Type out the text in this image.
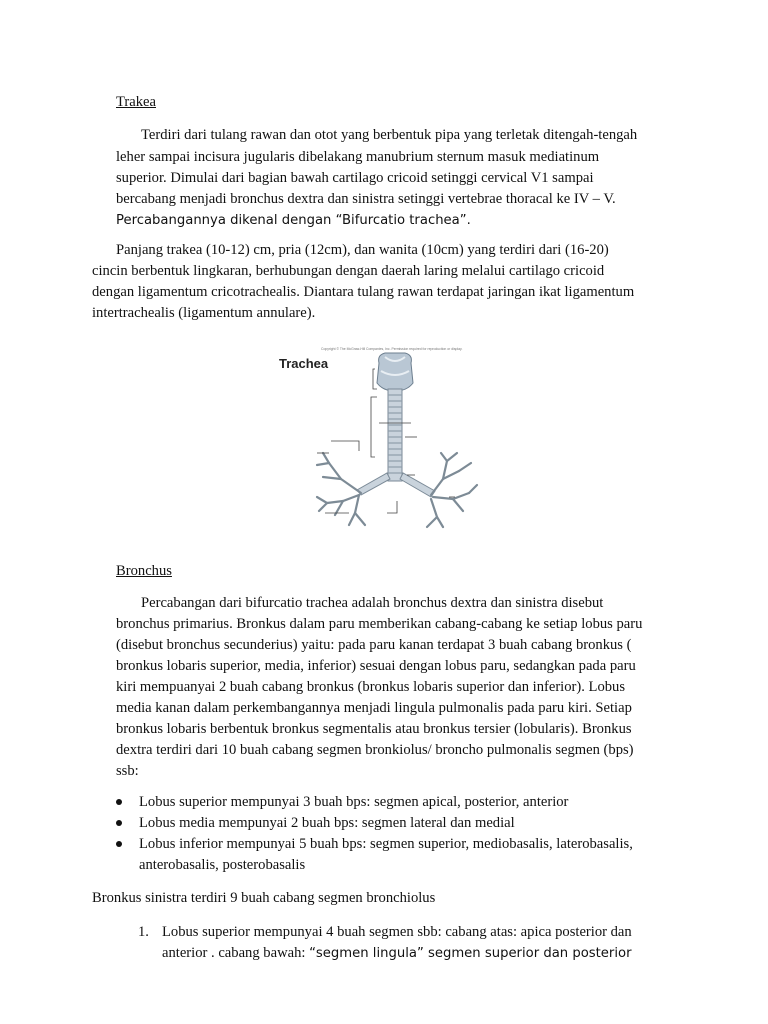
Trakea
Terdiri dari tulang rawan dan otot yang berbentuk pipa yang terletak ditengah-tengah
leher sampai incisura jugularis dibelakang manubrium sternum masuk mediatinum
superior. Dimulai dari bagian bawah cartilago cricoid setinggi cervical V1 sampai
bercabang menjadi bronchus dextra dan sinistra setinggi vertebrae thoracal ke IV – V.
Percabangannya dikenal dengan “Bifurcatio trachea”.
Panjang trakea (10-12) cm, pria (12cm), dan wanita (10cm) yang terdiri dari (16-20)
cincin berbentuk lingkaran, berhubungan dengan daerah laring melalui cartilago cricoid
dengan ligamentum cricotrachealis. Diantara tulang rawan terdapat jaringan ikat ligamentum
intertrachealis (ligamentum annulare).
Copyright © The McGraw-Hill Companies, Inc. Permission required for reproduction or display.
Trachea
Bronchus
Percabangan dari bifurcatio trachea adalah bronchus dextra dan sinistra disebut
bronchus primarius. Bronkus dalam paru memberikan cabang-cabang ke setiap lobus paru
(disebut bronchus secunderius) yaitu: pada paru kanan terdapat 3 buah cabang bronkus (
bronkus lobaris superior, media, inferior) sesuai dengan lobus paru, sedangkan pada paru
kiri mempuanyai 2 buah cabang bronkus (bronkus lobaris superior dan inferior). Lobus
media kanan dalam perkembangannya menjadi lingula pulmonalis pada paru kiri. Setiap
bronkus lobaris berbentuk bronkus segmentalis atau bronkus tersier (lobularis). Bronkus
dextra terdiri dari 10 buah cabang segmen bronkiolus/ broncho pulmonalis segmen (bps)
ssb:
Lobus superior mempunyai 3 buah bps: segmen apical, posterior, anterior
Lobus media mempunyai 2 buah bps: segmen lateral dan medial
Lobus inferior mempunyai 5 buah bps: segmen superior, mediobasalis, laterobasalis,
anterobasalis, posterobasalis
Bronkus sinistra terdiri 9 buah cabang segmen bronchiolus
1. Lobus superior mempunyai 4 buah segmen sbb: cabang atas: apica posterior dan
anterior . cabang bawah: “segmen lingula” segmen superior dan posterior
